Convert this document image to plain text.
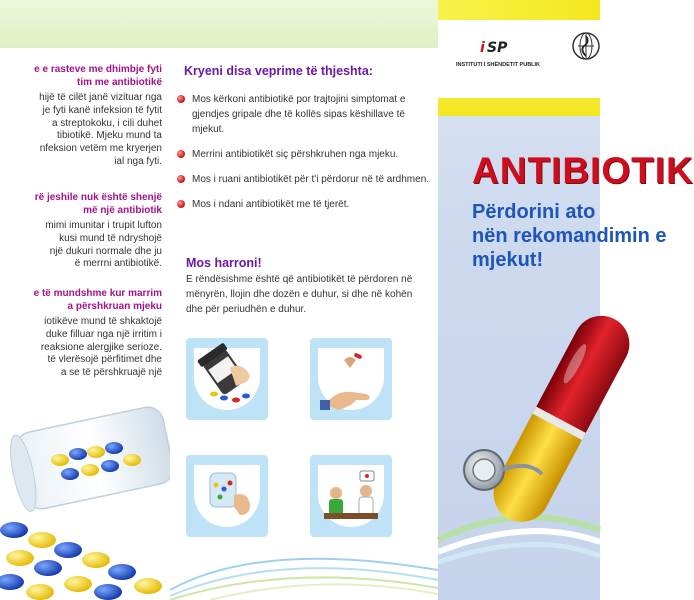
e e rasteve me dhimbje fyti
tim me antibiotikë
hijë të cilët janë vizituar nga
je fyti kanë infeksion të fytit
a streptokoku, i cili duhet
tibiotikë. Mjeku mund ta
nfeksion vetëm me kryerjen
ial nga fyti.
rë jeshile nuk është shenjë
më një antibiotik
mimi imunitar i trupit lufton
kusi mund të ndryshojë
një dukuri normale dhe ju
ë merrni antibiotikë.
e të mundshme kur marrim
a përshkruan mjeku
iotikëve mund të shkaktojë
duke filluar nga një irritim i
reaksione alergjike serioze.
të vlerësojë përfitimet dhe
a se të përshkruajë një
Kryeni disa veprime të thjeshta:
Mos kërkoni antibiotikë por trajtojini simptomat e gjendjes gripale dhe të kollës sipas këshillave të mjekut.
Merrini antibiotikët siç përshkruhen nga mjeku.
Mos i ruani antibiotikët për t'i përdorur në të ardhmen.
Mos i ndani antibiotikët me të tjerët.
Mos harroni!
E rëndësishme është që antibiotikët të përdoren në mënyrën, llojin dhe dozën e duhur, si dhe në kohën dhe për periudhën e duhur.
i SP
INSTITUTI I SHËNDETIT PUBLIK
ANTIBIOTIK
Përdorini ato
nën rekomandimin e
mjekut!
